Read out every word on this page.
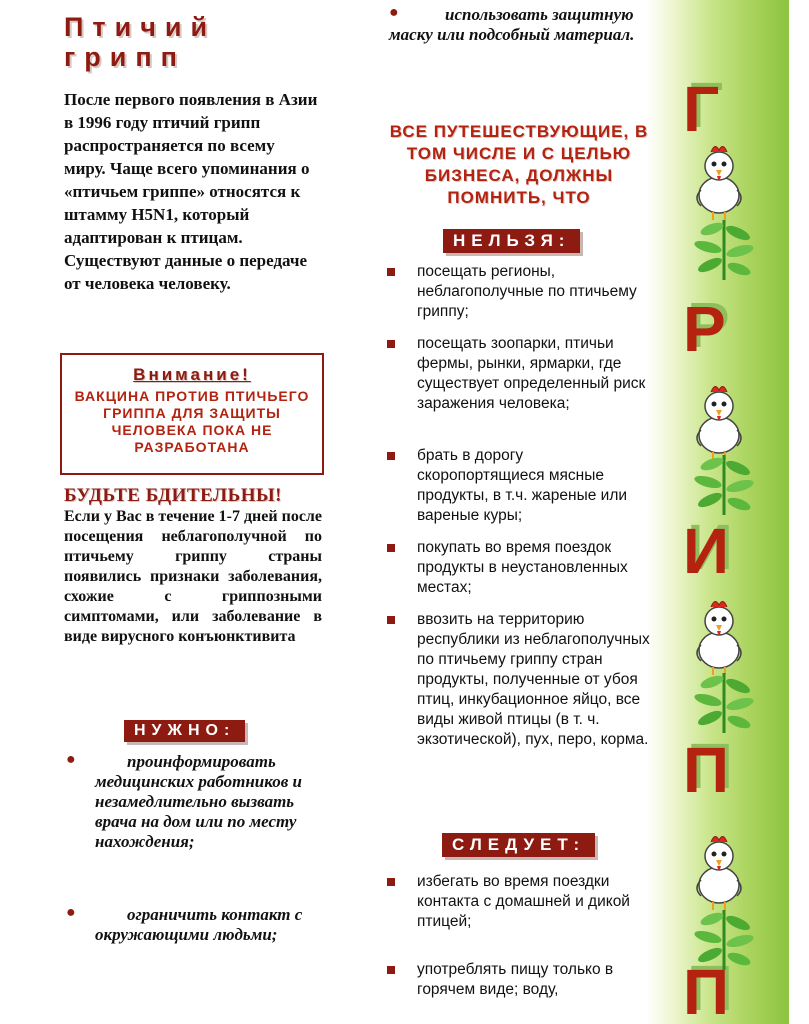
Птичий грипп
После первого появления в Азии в 1996 году птичий грипп распространяется по всему миру. Чаще всего упоминания о «птичьем гриппе» относятся к штамму H5N1, который адаптирован к птицам. Существуют данные о передаче от человека человеку.
Внимание!
ВАКЦИНА ПРОТИВ ПТИЧЬЕГО ГРИППА ДЛЯ ЗАЩИТЫ ЧЕЛОВЕКА ПОКА НЕ РАЗРАБОТАНА
БУДЬТЕ БДИТЕЛЬНЫ!
Если у Вас в течение 1-7 дней после посещения неблагополучной по птичьему гриппу страны появились признаки заболевания, схожие с гриппозными симптомами, или заболевание в виде вирусного конъюнктивита
НУЖНО:
●	проинформировать медицинских работников и незамедлительно вызвать врача на дом или по месту нахождения;
●	ограничить контакт с окружающими людьми;
●	использовать защитную маску или подсобный материал.
ВСЕ ПУТЕШЕСТВУЮЩИЕ, В ТОМ ЧИСЛЕ И С ЦЕЛЬЮ БИЗНЕСА, ДОЛЖНЫ ПОМНИТЬ, ЧТО
НЕЛЬЗЯ:
посещать регионы, неблагополучные по птичьему гриппу;
посещать зоопарки, птичьи фермы, рынки, ярмарки, где существует определенный риск заражения человека;
брать в дорогу скоропортящиеся мясные продукты, в т.ч. жареные или вареные куры;
покупать во время поездок продукты в неустановленных местах;
ввозить на территорию республики из неблагополучных по птичьему гриппу стран продукты, полученные от убоя птиц, инкубационное яйцо, все виды живой птицы (в т. ч. экзотической), пух, перо, корма.
СЛЕДУЕТ:
избегать во время поездки контакта с домашней и дикой птицей;
употреблять пищу только в горячем виде; воду,
Г
Р
И
П
П
